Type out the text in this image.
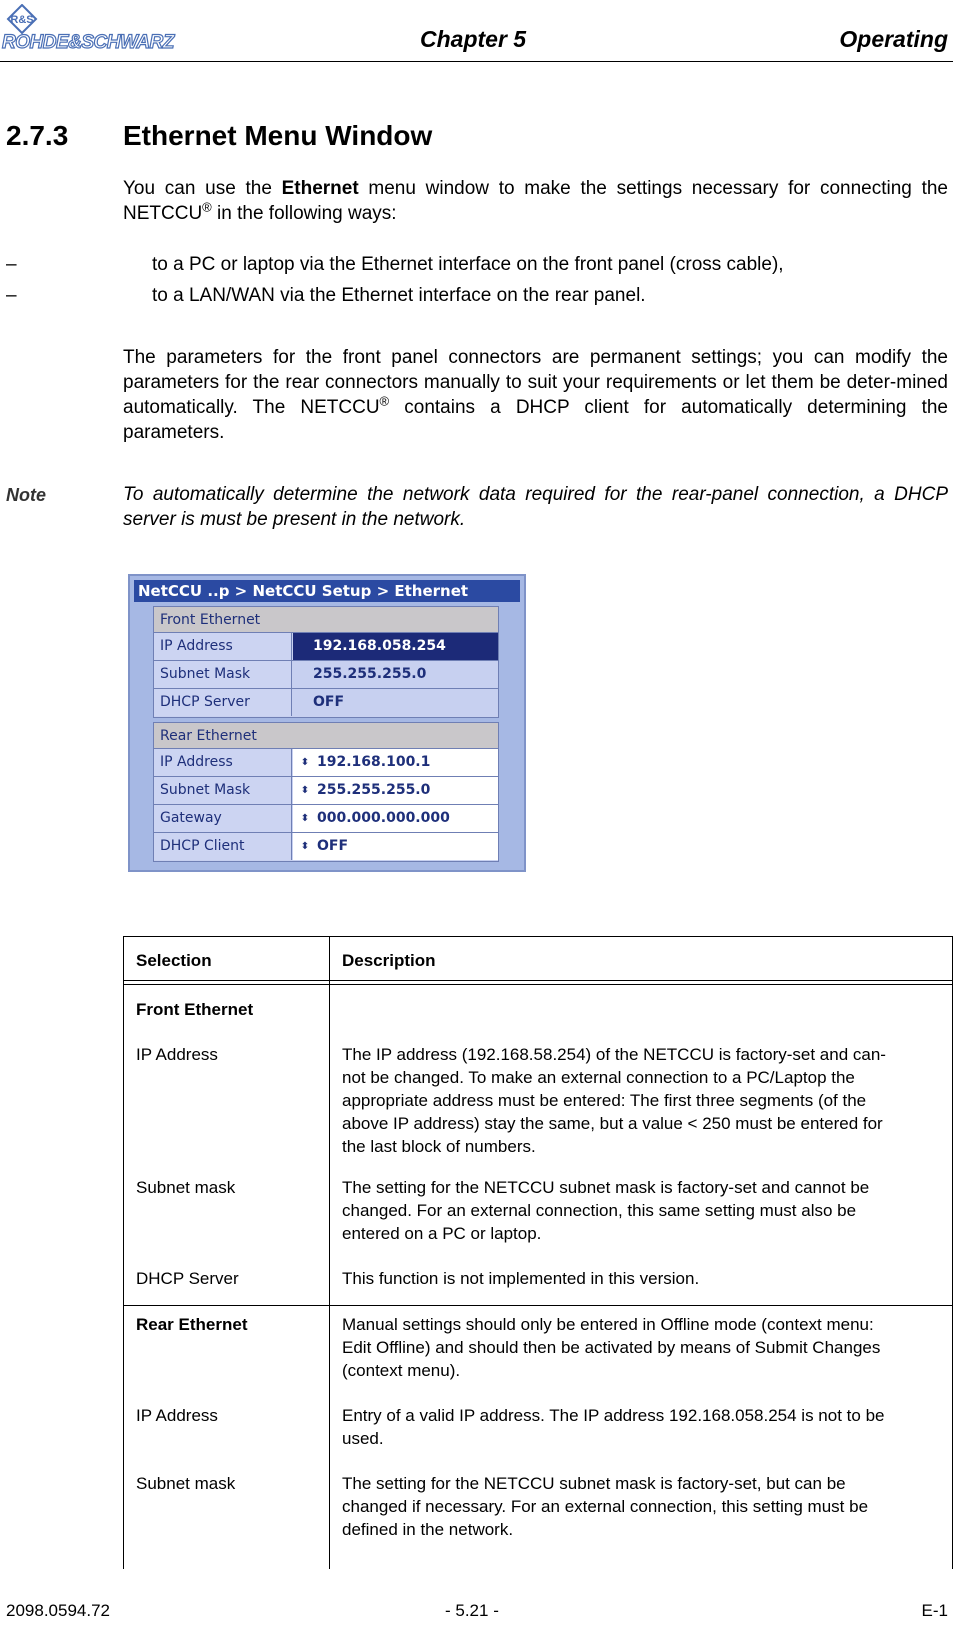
R&S
ROHDE&SCHWARZ	Chapter 5	Operating
2.7.3 Ethernet Menu Window
You can use the Ethernet menu window to make the settings necessary for connecting the NETCCU® in the following ways:
–	to a PC or laptop via the Ethernet interface on the front panel (cross cable),
–	to a LAN/WAN via the Ethernet interface on the rear panel.
The parameters for the front panel connectors are permanent settings; you can modify the parameters for the rear connectors manually to suit your requirements or let them be deter-mined automatically. The NETCCU® contains a DHCP client for automatically determining the parameters.
Note	To automatically determine the network data required for the rear-panel connection, a DHCP server is must be present in the network.
NetCCU ..p > NetCCU Setup > Ethernet
Front Ethernet
IP Address	192.168.058.254
Subnet Mask	255.255.255.0
DHCP Server	OFF
Rear Ethernet
IP Address	⬍ 192.168.100.1
Subnet Mask	⬍ 255.255.255.0
Gateway	⬍ 000.000.000.000
DHCP Client	⬍ OFF
Selection	Description
Front Ethernet
IP Address	The IP address (192.168.58.254) of the NETCCU is factory-set and can-
not be changed. To make an external connection to a PC/Laptop the
appropriate address must be entered: The first three segments (of the
above IP address) stay the same, but a value < 250 must be entered for
the last block of numbers.
Subnet mask	The setting for the NETCCU subnet mask is factory-set and cannot be
changed. For an external connection, this same setting must also be
entered on a PC or laptop.
DHCP Server	This function is not implemented in this version.
Rear Ethernet	Manual settings should only be entered in Offline mode (context menu:
Edit Offline) and should then be activated by means of Submit Changes
(context menu).
IP Address	Entry of a valid IP address. The IP address 192.168.058.254 is not to be
used.
Subnet mask	The setting for the NETCCU subnet mask is factory-set, but can be
changed if necessary. For an external connection, this setting must be
defined in the network.
2098.0594.72	- 5.21 -	E-1
